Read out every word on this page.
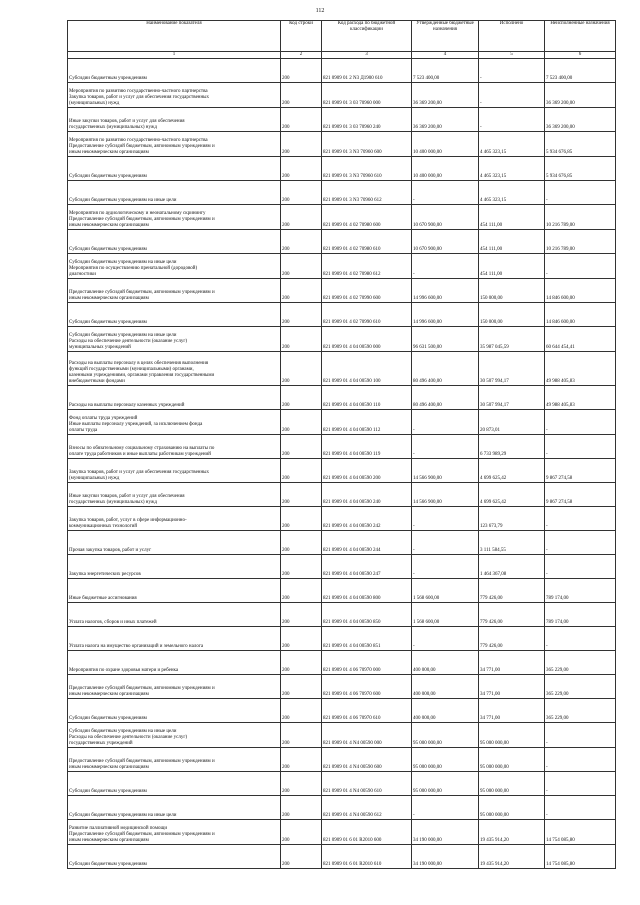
112
Наименование показателя	Код строки	Код расхода по бюджетной классификации	Утвержденные бюджетные назначения	Исполнено	Неисполненные назначения
1	2	3	4	5	6

Субсидии бюджетным учреждениям	200	821 0909 01 2 N3 Д1900 610	7 523 400,00	-	7 523 400,00

Мероприятия по развитию государственно-частного партнерства
Закупка товаров, работ и услуг для обеспечения государственных
(муниципальных) нужд	200	821 0909 01 3 03 70960 000	36 369 200,00	-	36 369 200,00

Иные закупки товаров, работ и услуг для обеспечения
государственных (муниципальных) нужд	200	821 0909 01 3 03 70960 240	36 369 200,00	-	36 369 200,00

Мероприятия по развитию государственно-частного партнерства
Предоставление субсидий бюджетным, автономным учреждениям и
иным некоммерческим организациям	200	821 0909 01 3 N3 70960 600	10 400 000,00	4 465 323,15	5 934 676,85

Субсидии бюджетным учреждениям	200	821 0909 01 3 N3 70960 610	10 400 000,00	4 465 323,15	5 934 676,85

Субсидии бюджетным учреждениям на иные цели	200	821 0909 01 3 N3 70960 612	-	4 465 323,15	-

Мероприятия по аудиологическому и неонатальному скринингу
Предоставление субсидий бюджетным, автономным учреждениям и
иным некоммерческим организациям	200	821 0909 01 4 02 70980 600	10 670 900,00	454 111,00	10 216 789,00

Субсидии бюджетным учреждениям	200	821 0909 01 4 02 70980 610	10 670 900,00	454 111,00	10 216 789,00

Субсидии бюджетным учреждениям на иные цели
Мероприятия по осуществлению пренатальной (дородовой)
диагностики	200	821 0909 01 4 02 70980 612	-	454 111,00	-

Предоставление субсидий бюджетным, автономным учреждениям и
иным некоммерческим организациям	200	821 0909 01 4 02 70990 600	14 996 600,00	150 000,00	14 846 600,00

Субсидии бюджетным учреждениям	200	821 0909 01 4 02 70990 610	14 996 600,00	150 000,00	14 846 600,00

Субсидии бюджетным учреждениям на иные цели
Расходы на обеспечение деятельности (оказание услуг)
муниципальных учреждений	200	821 0909 01 4 04 00590 000	96 631 500,00	35 987 045,59	60 644 454,41

Расходы на выплаты персоналу в целях обеспечения выполнения
функций государственными (муниципальными) органами,
казенными учреждениями, органами управления государственными
внебюджетными фондами	200	821 0909 01 4 04 00590 100	80 496 400,00	30 507 994,17	49 988 405,83

Расходы на выплаты персоналу казенных учреждений	200	821 0909 01 4 04 00590 110	80 496 400,00	30 507 994,17	49 988 405,83

Фонд оплаты труда учреждений
Иные выплаты персоналу учреждений, за исключением фонда
оплаты труда	200	821 0909 01 4 04 00590 112	-	20 873,01	-

Взносы по обязательному социальному страхованию на выплаты по
оплате труда работников и иные выплаты работникам учреждений	200	821 0909 01 4 04 00590 119	-	6 733 989,29	-

Закупка товаров, работ и услуг для обеспечения государственных
(муниципальных) нужд	200	821 0909 01 4 04 00590 200	14 566 900,00	4 699 625,42	9 867 274,58

Иные закупки товаров, работ и услуг для обеспечения
государственных (муниципальных) нужд	200	821 0909 01 4 04 00590 240	14 566 900,00	4 699 625,42	9 867 274,58

Закупка товаров, работ, услуг в сфере информационно-
коммуникационных технологий	200	821 0909 01 4 04 00590 242	-	123 673,79	-

Прочая закупка товаров, работ и услуг	200	821 0909 01 4 04 00590 244	-	3 111 584,55	-

Закупка энергетических ресурсов	200	821 0909 01 4 04 00590 247	-	1 464 367,08	-

Иные бюджетные ассигнования	200	821 0909 01 4 04 00590 800	1 568 600,00	779 426,00	789 174,00

Уплата налогов, сборов и иных платежей	200	821 0909 01 4 04 00590 850	1 568 600,00	779 426,00	789 174,00

Уплата налога на имущество организаций и земельного налога	200	821 0909 01 4 04 00590 851	-	779 426,00	-

Мероприятия по охране здоровья матери и ребенка	200	821 0909 01 4 06 70970 000	400 000,00	34 771,00	365 229,00

Предоставление субсидий бюджетным, автономным учреждениям и
иным некоммерческим организациям	200	821 0909 01 4 06 70970 600	400 000,00	34 771,00	365 229,00

Субсидии бюджетным учреждениям	200	821 0909 01 4 06 70970 610	400 000,00	34 771,00	365 229,00

Субсидии бюджетным учреждениям на иные цели
Расходы на обеспечение деятельности (оказание услуг)
государственных учреждений	200	821 0909 01 4 N4 00590 000	95 000 000,00	95 000 000,00	-

Предоставление субсидий бюджетным, автономным учреждениям и
иным некоммерческим организациям	200	821 0909 01 4 N4 00590 600	95 000 000,00	95 000 000,00	-

Субсидии бюджетным учреждениям	200	821 0909 01 4 N4 00590 610	95 000 000,00	95 000 000,00	-

Субсидии бюджетным учреждениям на иные цели	200	821 0909 01 4 N4 00590 612	-	95 000 000,00	-

Развитие паллиативной медицинской помощи
Предоставление субсидий бюджетным, автономным учреждениям и
иным некоммерческим организациям	200	821 0909 01 6 01 R2010 600	34 190 000,00	19 435 914,20	14 754 085,80

Субсидии бюджетным учреждениям	200	821 0909 01 6 01 R2010 610	34 190 000,00	19 435 914,20	14 754 085,80
